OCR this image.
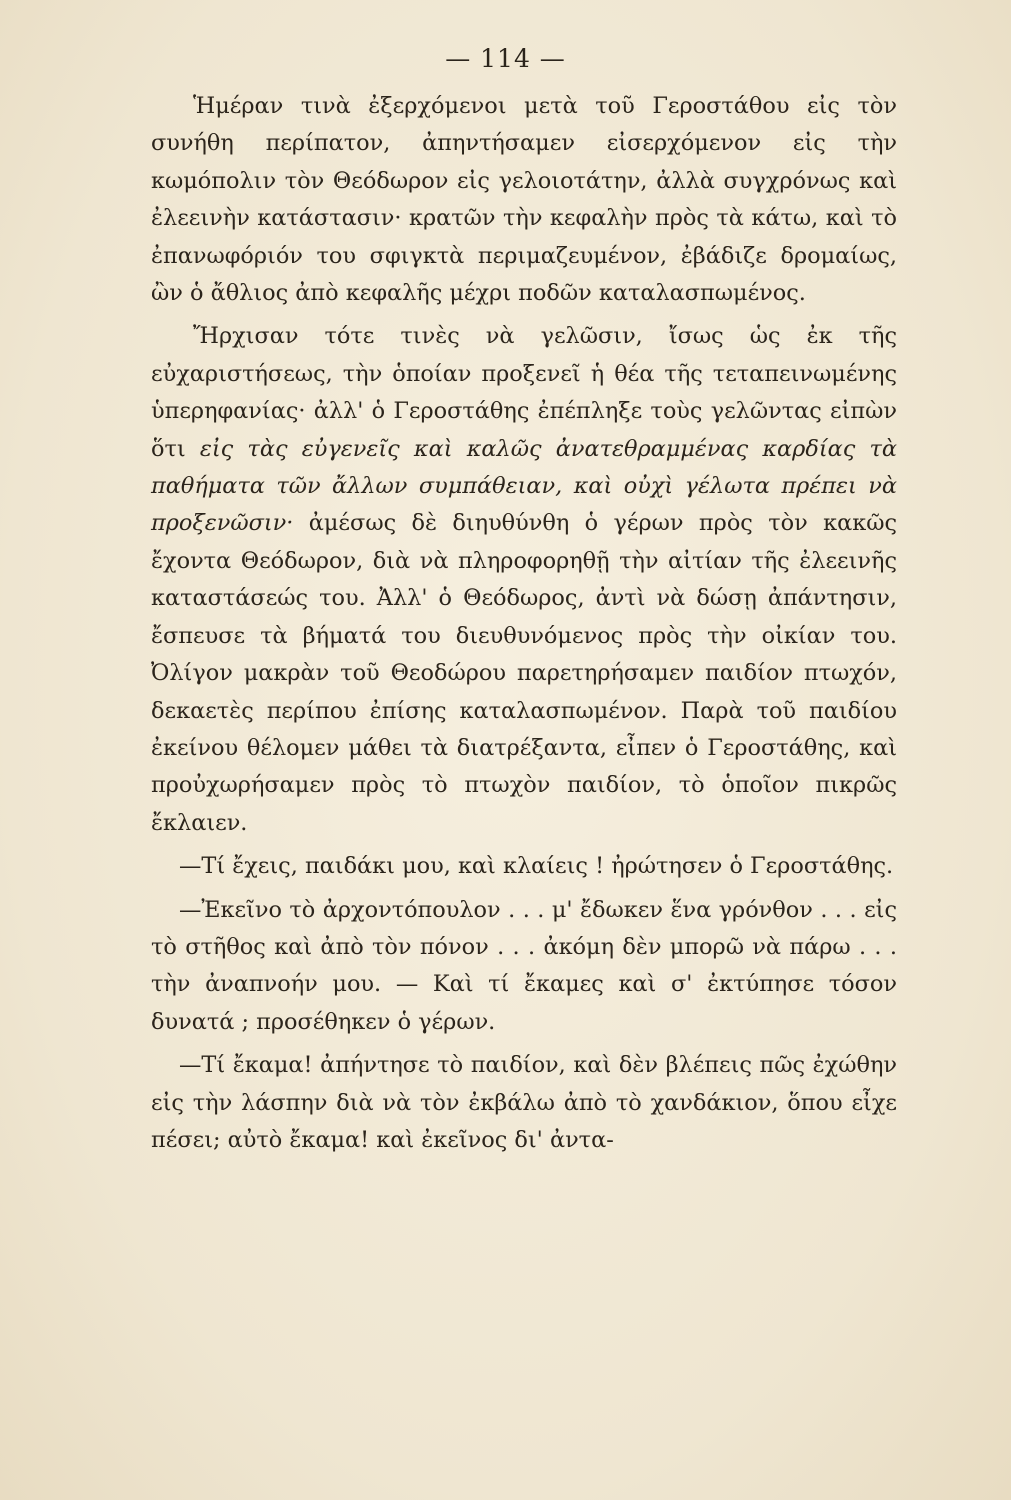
— 114 —

Ἡμέραν τινὰ ἐξερχόμενοι μετὰ τοῦ Γεροστάθου εἰς τὸν συνήθη περίπατον, ἀπηντήσαμεν εἰσερχόμενον εἰς τὴν κωμόπολιν τὸν Θεόδωρον εἰς γελοιοτάτην, ἀλλὰ συγχρόνως καὶ ἐλεεινὴν κατάστασιν· κρατῶν τὴν κεφαλὴν πρὸς τὰ κάτω, καὶ τὸ ἐπανωφόριόν του σφιγκτὰ περιμαζευμένον, ἐβάδιζε δρομαίως, ὢν ὁ ἄθλιος ἀπὸ κεφαλῆς μέχρι ποδῶν καταλασπωμένος.

Ἤρχισαν τότε τινὲς νὰ γελῶσιν, ἴσως ὡς ἐκ τῆς εὐχαριστήσεως, τὴν ὁποίαν προξενεῖ ἡ θέα τῆς τεταπεινωμένης ὑπερηφανίας· ἀλλ' ὁ Γεροστάθης ἐπέπληξε τοὺς γελῶντας εἰπὼν ὅτι εἰς τὰς εὐγενεῖς καὶ καλῶς ἀνατεθραμμένας καρδίας τὰ παθήματα τῶν ἄλλων συμπάθειαν, καὶ οὐχὶ γέλωτα πρέπει νὰ προξενῶσιν· ἀμέσως δὲ διηυθύνθη ὁ γέρων πρὸς τὸν κακῶς ἔχοντα Θεόδωρον, διὰ νὰ πληροφορηθῇ τὴν αἰτίαν τῆς ἐλεεινῆς καταστάσεώς του. Ἀλλ' ὁ Θεόδωρος, ἀντὶ νὰ δώσῃ ἀπάντησιν, ἔσπευσε τὰ βήματά του διευθυνόμενος πρὸς τὴν οἰκίαν του. Ὀλίγον μακρὰν τοῦ Θεοδώρου παρετηρήσαμεν παιδίον πτωχόν, δεκαετὲς περίπου ἐπίσης καταλασπωμένον. Παρὰ τοῦ παιδίου ἐκείνου θέλομεν μάθει τὰ διατρέξαντα, εἶπεν ὁ Γεροστάθης, καὶ προὐχωρήσαμεν πρὸς τὸ πτωχὸν παιδίον, τὸ ὁποῖον πικρῶς ἔκλαιεν.

—Τί ἔχεις, παιδάκι μου, καὶ κλαίεις ! ἠρώτησεν ὁ Γεροστάθης.

—Ἐκεῖνο τὸ ἀρχοντόπουλον . . . μ' ἔδωκεν ἕνα γρόνθον . . . εἰς τὸ στῆθος καὶ ἀπὸ τὸν πόνον . . . ἀκόμη δὲν μπορῶ νὰ πάρω . . . τὴν ἀναπνοήν μου. — Καὶ τί ἔκαμες καὶ σ' ἐκτύπησε τόσον δυνατά ; προσέθηκεν ὁ γέρων.

—Τί ἔκαμα! ἀπήντησε τὸ παιδίον, καὶ δὲν βλέπεις πῶς ἐχώθην εἰς τὴν λάσπην διὰ νὰ τὸν ἐκβάλω ἀπὸ τὸ χανδάκιον, ὅπου εἶχε πέσει; αὐτὸ ἔκαμα! καὶ ἐκεῖνος δι' ἀντα-
